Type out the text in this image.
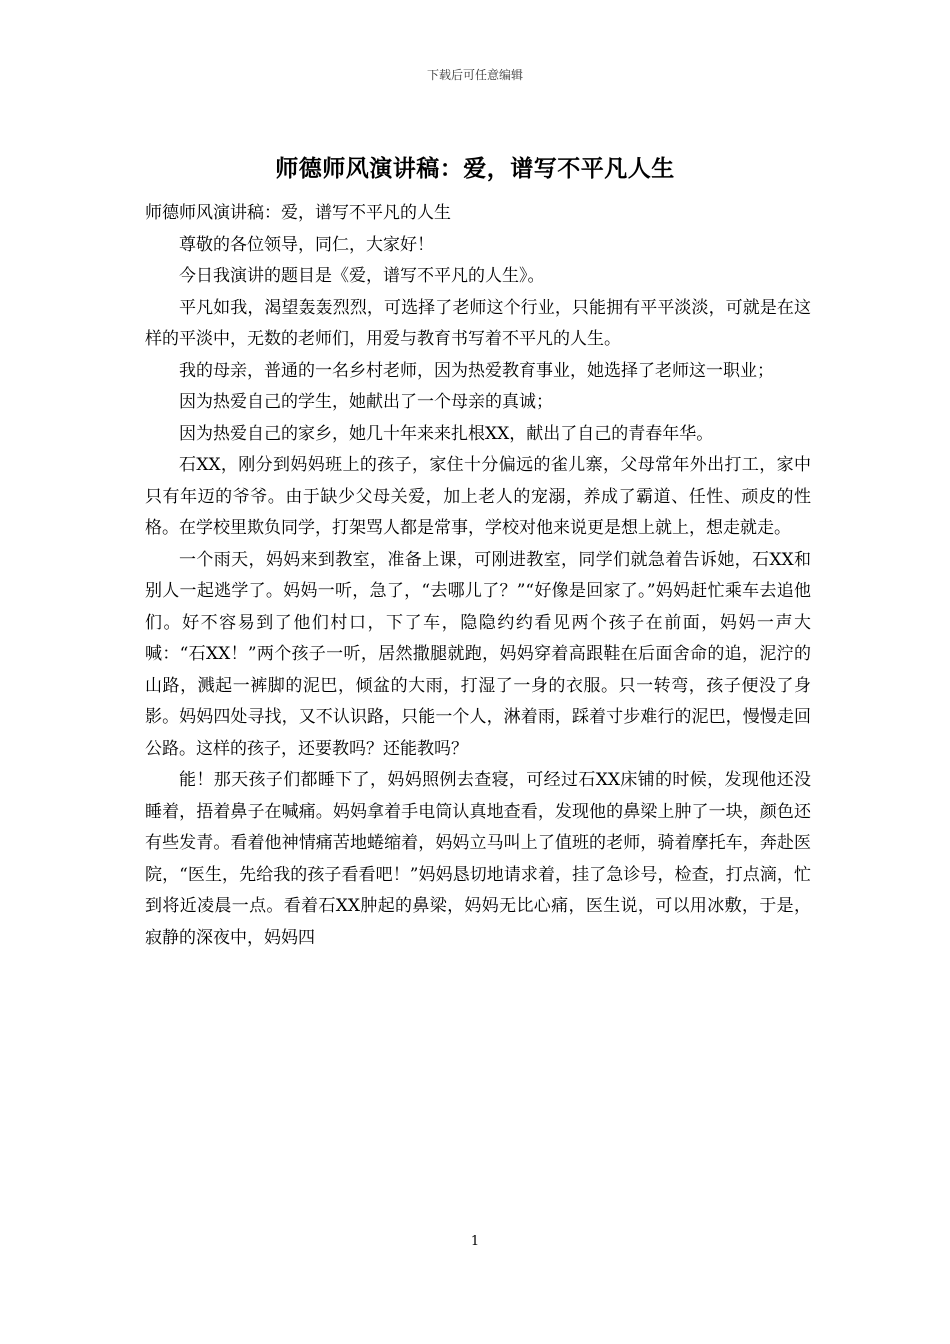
下载后可任意编辑
师德师风演讲稿：爱，谱写不平凡人生

师德师风演讲稿：爱，谱写不平凡的人生

尊敬的各位领导，同仁，大家好！

今日我演讲的题目是《爱，谱写不平凡的人生》。

平凡如我，渴望轰轰烈烈，可选择了老师这个行业，只能拥有平平淡淡，可就是在这样的平淡中，无数的老师们，用爱与教育书写着不平凡的人生。

我的母亲，普通的一名乡村老师，因为热爱教育事业，她选择了老师这一职业；

因为热爱自己的学生，她献出了一个母亲的真诚；

因为热爱自己的家乡，她几十年来来扎根XX，献出了自己的青春年华。

石XX，刚分到妈妈班上的孩子，家住十分偏远的雀儿寨，父母常年外出打工，家中只有年迈的爷爷。由于缺少父母关爱，加上老人的宠溺，养成了霸道、任性、顽皮的性格。在学校里欺负同学，打架骂人都是常事，学校对他来说更是想上就上，想走就走。

一个雨天，妈妈来到教室，准备上课，可刚进教室，同学们就急着告诉她，石XX和别人一起逃学了。妈妈一听，急了，“去哪儿了？”“好像是回家了。”妈妈赶忙乘车去追他们。好不容易到了他们村口，下了车，隐隐约约看见两个孩子在前面，妈妈一声大喊：“石XX！”两个孩子一听，居然撒腿就跑，妈妈穿着高跟鞋在后面舍命的追，泥泞的山路，溅起一裤脚的泥巴，倾盆的大雨，打湿了一身的衣服。只一转弯，孩子便没了身影。妈妈四处寻找，又不认识路，只能一个人，淋着雨，踩着寸步难行的泥巴，慢慢走回公路。这样的孩子，还要教吗？还能教吗？

能！那天孩子们都睡下了，妈妈照例去查寝，可经过石XX床铺的时候，发现他还没睡着，捂着鼻子在喊痛。妈妈拿着手电筒认真地查看，发现他的鼻梁上肿了一块，颜色还有些发青。看着他神情痛苦地蜷缩着，妈妈立马叫上了值班的老师，骑着摩托车，奔赴医院，“医生，先给我的孩子看看吧！”妈妈恳切地请求着，挂了急诊号，检查，打点滴，忙到将近凌晨一点。看着石XX肿起的鼻梁，妈妈无比心痛，医生说，可以用冰敷，于是，寂静的深夜中，妈妈四

1
